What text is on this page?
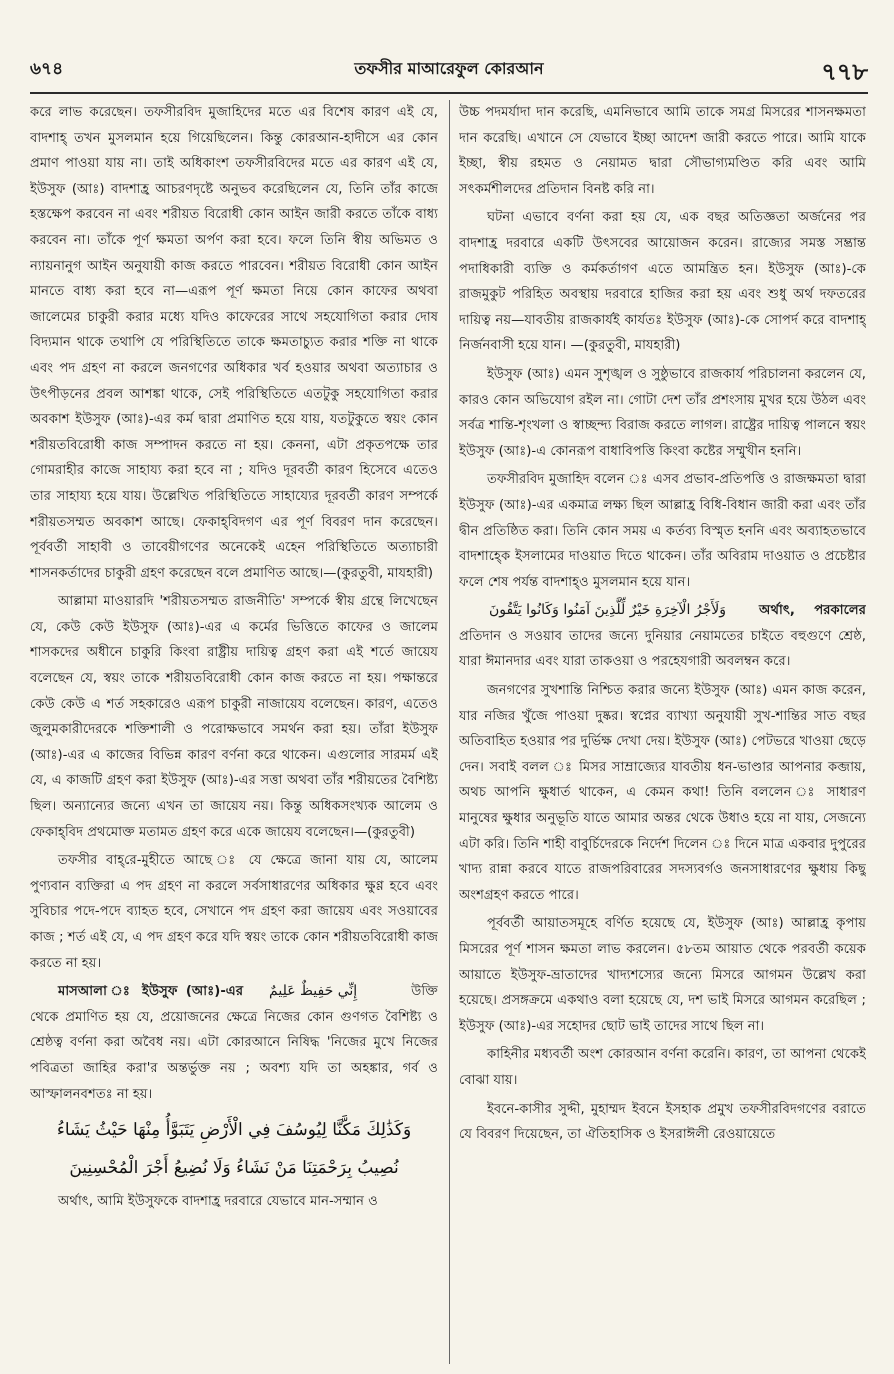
৬৭৪	তফসীর মাআরেফুল কোরআন	৭৭৮

করে লাভ করেছেন। তফসীরবিদ মুজাহিদের মতে এর বিশেষ কারণ এই যে, বাদশাহ্ তখন মুসলমান হয়ে গিয়েছিলেন। কিন্তু কোরআন-হাদীসে এর কোন প্রমাণ পাওয়া যায় না। তাই অধিকাংশ তফসীরবিদের মতে এর কারণ এই যে, ইউসুফ (আঃ) বাদশাহ্র আচরণদৃষ্টে অনুভব করেছিলেন যে, তিনি তাঁর কাজে হস্তক্ষেপ করবেন না এবং শরীয়ত বিরোধী কোন আইন জারী করতে তাঁকে বাধ্য করবেন না। তাঁকে পূর্ণ ক্ষমতা অর্পণ করা হবে। ফলে তিনি স্বীয় অভিমত ও ন্যায়নানুগ আইন অনুযায়ী কাজ করতে পারবেন। শরীয়ত বিরোধী কোন আইন মানতে বাধ্য করা হবে না—এরূপ পূর্ণ ক্ষমতা নিয়ে কোন কাফের অথবা জালেমের চাকুরী করার মধ্যে যদিও কাফেরের সাথে সহযোগিতা করার দোষ বিদ্যমান থাকে তথাপি যে পরিস্থিতিতে তাকে ক্ষমতাচ্যুত করার শক্তি না থাকে এবং পদ গ্রহণ না করলে জনগণের অধিকার খর্ব হওয়ার অথবা অত্যাচার ও উৎপীড়নের প্রবল আশঙ্কা থাকে, সেই পরিস্থিতিতে এতটুকু সহযোগিতা করার অবকাশ ইউসুফ (আঃ)-এর কর্ম দ্বারা প্রমাণিত হয়ে যায়, যতটুকুতে স্বয়ং কোন শরীয়তবিরোধী কাজ সম্পাদন করতে না হয়। কেননা, এটা প্রকৃতপক্ষে তার গোমরাহীর কাজে সাহায্য করা হবে না ; যদিও দূরবর্তী কারণ হিসেবে এতেও তার সাহায্য হয়ে যায়। উল্লেখিত পরিস্থিতিতে সাহায্যের দূরবর্তী কারণ সম্পর্কে শরীয়তসম্মত অবকাশ আছে। ফেকাহ্‌বিদগণ এর পূর্ণ বিবরণ দান করেছেন। পূর্ববর্তী সাহাবী ও তাবেয়ীগণের অনেকেই এহেন পরিস্থিতিতে অত্যাচারী শাসনকর্তাদের চাকুরী গ্রহণ করেছেন বলে প্রমাণিত আছে।—(কুরতুবী, মাযহারী)

আল্লামা মাওয়ারদি 'শরীয়তসম্মত রাজনীতি' সম্পর্কে স্বীয় গ্রন্থে লিখেছেন যে, কেউ কেউ ইউসুফ (আঃ)-এর এ কর্মের ভিত্তিতে কাফের ও জালেম শাসকদের অধীনে চাকুরি কিংবা রাষ্ট্রীয় দায়িত্ব গ্রহণ করা এই শর্তে জায়েয বলেছেন যে, স্বয়ং তাকে শরীয়তবিরোধী কোন কাজ করতে না হয়। পক্ষান্তরে কেউ কেউ এ শর্ত সহকারেও এরূপ চাকুরী নাজায়েয বলেছেন। কারণ, এতেও জুলুমকারীদেরকে শক্তিশালী ও পরোক্ষভাবে সমর্থন করা হয়। তাঁরা ইউসুফ (আঃ)-এর এ কাজের বিভিন্ন কারণ বর্ণনা করে থাকেন। এগুলোর সারমর্ম এই যে, এ কাজটি গ্রহণ করা ইউসুফ (আঃ)-এর সত্তা অথবা তাঁর শরীয়তের বৈশিষ্ট্য ছিল। অন্যান্যের জন্যে এখন তা জায়েয নয়। কিন্তু অধিকসংখ্যক আলেম ও ফেকাহ্‌বিদ প্রথমোক্ত মতামত গ্রহণ করে একে জায়েয বলেছেন।—(কুরতুবী)

তফসীর বাহ্‌রে-মুহীতে আছে ঃ যে ক্ষেত্রে জানা যায় যে, আলেম পুণ্যবান ব্যক্তিরা এ পদ গ্রহণ না করলে সর্বসাধারণের অধিকার ক্ষুণ্ণ হবে এবং সুবিচার পদে-পদে ব্যাহত হবে, সেখানে পদ গ্রহণ করা জায়েয এবং সওয়াবের কাজ ; শর্ত এই যে, এ পদ গ্রহণ করে যদি স্বয়ং তাকে কোন শরীয়তবিরোধী কাজ করতে না হয়।

মাসআলা ঃ ইউসুফ (আঃ)-এর إِنِّي حَفِيظٌ عَلِيمٌ	উক্তি থেকে প্রমাণিত হয় যে, প্রয়োজনের ক্ষেত্রে নিজের কোন গুণগত বৈশিষ্ট্য ও শ্রেষ্ঠত্ব বর্ণনা করা অবৈধ নয়। এটা কোরআনে নিষিদ্ধ 'নিজের মুখে নিজের পবিত্রতা জাহির করা'র অন্তর্ভুক্ত নয় ; অবশ্য যদি তা অহঙ্কার, গর্ব ও আস্ফালনবশতঃ না হয়।

وَكَذَٰلِكَ مَكَّنَّا لِيُوسُفَ فِي الْأَرْضِ يَتَبَوَّأُ مِنْهَا حَيْثُ يَشَاءُ
نُصِيبُ بِرَحْمَتِنَا مَنْ نَشَاءُ وَلَا نُضِيعُ أَجْرَ الْمُحْسِنِينَ

অর্থাৎ, আমি ইউসুফকে বাদশাহ্র দরবারে যেভাবে মান-সম্মান ও

উচ্চ পদমর্যাদা দান করেছি, এমনিভাবে আমি তাকে সমগ্র মিসরের শাসনক্ষমতা দান করেছি। এখানে সে যেভাবে ইচ্ছা আদেশ জারী করতে পারে। আমি যাকে ইচ্ছা, স্বীয় রহমত ও নেয়ামত দ্বারা সৌভাগ্যমণ্ডিত করি এবং আমি সৎকর্মশীলদের প্রতিদান বিনষ্ট করি না।

ঘটনা এভাবে বর্ণনা করা হয় যে, এক বছর অতিজ্ঞতা অর্জনের পর বাদশাহ্র দরবারে একটি উৎসবের আয়োজন করেন। রাজ্যের সমস্ত সম্ভ্রান্ত পদাধিকারী ব্যক্তি ও কর্মকর্তাগণ এতে আমন্ত্রিত হন। ইউসুফ (আঃ)-কে রাজমুকুট পরিহিত অবস্থায় দরবারে হাজির করা হয় এবং শুধু অর্থ দফতরের দায়িত্ব নয়—যাবতীয় রাজকার্যই কার্যতঃ ইউসুফ (আঃ)-কে সোপর্দ করে বাদশাহ্ নির্জনবাসী হয়ে যান। —(কুরতুবী, মাযহারী)

ইউসুফ (আঃ) এমন সুশৃঙ্খল ও সুষ্ঠুভাবে রাজকার্য পরিচালনা করলেন যে, কারও কোন অভিযোগ রইল না। গোটা দেশ তাঁর প্রশংসায় মুখর হয়ে উঠল এবং সর্বত্র শান্তি-শৃংখলা ও স্বাচ্ছন্দ্য বিরাজ করতে লাগল। রাষ্ট্রের দায়িত্ব পালনে স্বয়ং ইউসুফ (আঃ)-এ কোনরূপ বাধাবিপত্তি কিংবা কষ্টের সম্মুখীন হননি।

তফসীরবিদ মুজাহিদ বলেন ঃ এসব প্রভাব-প্রতিপত্তি ও রাজক্ষমতা দ্বারা ইউসুফ (আঃ)-এর একমাত্র লক্ষ্য ছিল আল্লাহ্র বিধি-বিধান জারী করা এবং তাঁর দ্বীন প্রতিষ্ঠিত করা। তিনি কোন সময় এ কর্তব্য বিস্মৃত হননি এবং অব্যাহতভাবে বাদশাহ্কে ইসলামের দাওয়াত দিতে থাকেন। তাঁর অবিরাম দাওয়াত ও প্রচেষ্টার ফলে শেষ পর্যন্ত বাদশাহ্ও মুসলমান হয়ে যান।

وَلَأَجْرُ الْآخِرَةِ خَيْرٌ لِّلَّذِينَ آمَنُوا وَكَانُوا يَتَّقُونَ	অর্থাৎ, পরকালের প্রতিদান ও সওয়াব তাদের জন্যে দুনিয়ার নেয়ামতের চাইতে বহুগুণে শ্রেষ্ঠ, যারা ঈমানদার এবং যারা তাকওয়া ও পরহেযগারী অবলম্বন করে।

জনগণের সুখশান্তি নিশ্চিত করার জন্যে ইউসুফ (আঃ) এমন কাজ করেন, যার নজির খুঁজে পাওয়া দুষ্কর। স্বপ্নের ব্যাখ্যা অনুযায়ী সুখ-শান্তির সাত বছর অতিবাহিত হওয়ার পর দুর্ভিক্ষ দেখা দেয়। ইউসুফ (আঃ) পেটভরে খাওয়া ছেড়ে দেন। সবাই বলল ঃ মিসর সাম্রাজ্যের যাবতীয় ধন-ভাণ্ডার আপনার কব্জায়, অথচ আপনি ক্ষুধার্ত থাকেন, এ কেমন কথা! তিনি বললেন ঃ সাধারণ মানুষের ক্ষুধার অনুভূতি যাতে আমার অন্তর থেকে উধাও হয়ে না যায়, সেজন্যে এটা করি। তিনি শাহী বাবুর্চিদেরকে নির্দেশ দিলেন ঃ দিনে মাত্র একবার দুপুরের খাদ্য রান্না করবে যাতে রাজপরিবারের সদস্যবর্গও জনসাধারণের ক্ষুধায় কিছু অংশগ্রহণ করতে পারে।

পূর্ববর্তী আয়াতসমূহে বর্ণিত হয়েছে যে, ইউসুফ (আঃ) আল্লাহ্র কৃপায় মিসরের পূর্ণ শাসন ক্ষমতা লাভ করলেন। ৫৮তম আয়াত থেকে পরবর্তী কয়েক আয়াতে ইউসুফ-ভ্রাতাদের খাদ্যশস্যের জন্যে মিসরে আগমন উল্লেখ করা হয়েছে। প্রসঙ্গক্রমে একথাও বলা হয়েছে যে, দশ ভাই মিসরে আগমন করেছিল ; ইউসুফ (আঃ)-এর সহোদর ছোট ভাই তাদের সাথে ছিল না।

কাহিনীর মধ্যবর্তী অংশ কোরআন বর্ণনা করেনি। কারণ, তা আপনা থেকেই বোঝা যায়।

ইবনে-কাসীর সুদ্দী, মুহাম্মদ ইবনে ইসহাক প্রমুখ তফসীরবিদগণের বরাতে যে বিবরণ দিয়েছেন, তা ঐতিহাসিক ও ইসরাঈলী রেওয়ায়েতে
